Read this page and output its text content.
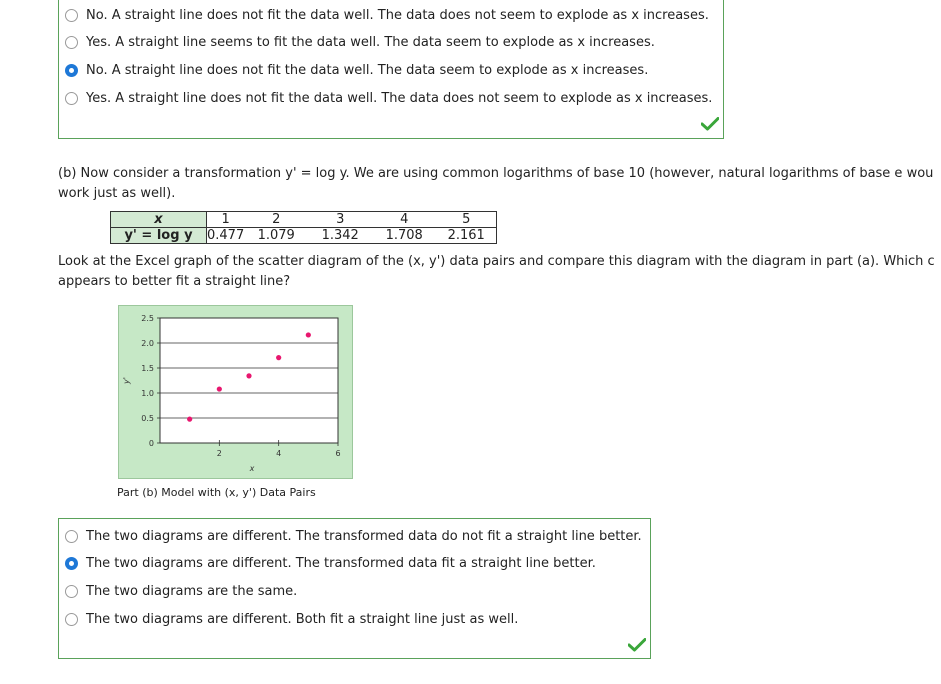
No. A straight line does not fit the data well. The data does not seem to explode as x increases.
Yes. A straight line seems to fit the data well. The data seem to explode as x increases.
No. A straight line does not fit the data well. The data seem to explode as x increases.
Yes. A straight line does not fit the data well. The data does not seem to explode as x increases.
(b) Now consider a transformation y' = log y. We are using common logarithms of base 10 (however, natural logarithms of base e wou
work just as well).
x	1	2	3	4	5
y' = log y	0.477	1.079	1.342	1.708	2.161
Look at the Excel graph of the scatter diagram of the (x, y') data pairs and compare this diagram with the diagram in part (a). Which c
appears to better fit a straight line?
0
0.5
1.0
1.5
2.0
2.5
2	4	6
x
y'
Part (b) Model with (x, y') Data Pairs
The two diagrams are different. The transformed data do not fit a straight line better.
The two diagrams are different. The transformed data fit a straight line better.
The two diagrams are the same.
The two diagrams are different. Both fit a straight line just as well.
